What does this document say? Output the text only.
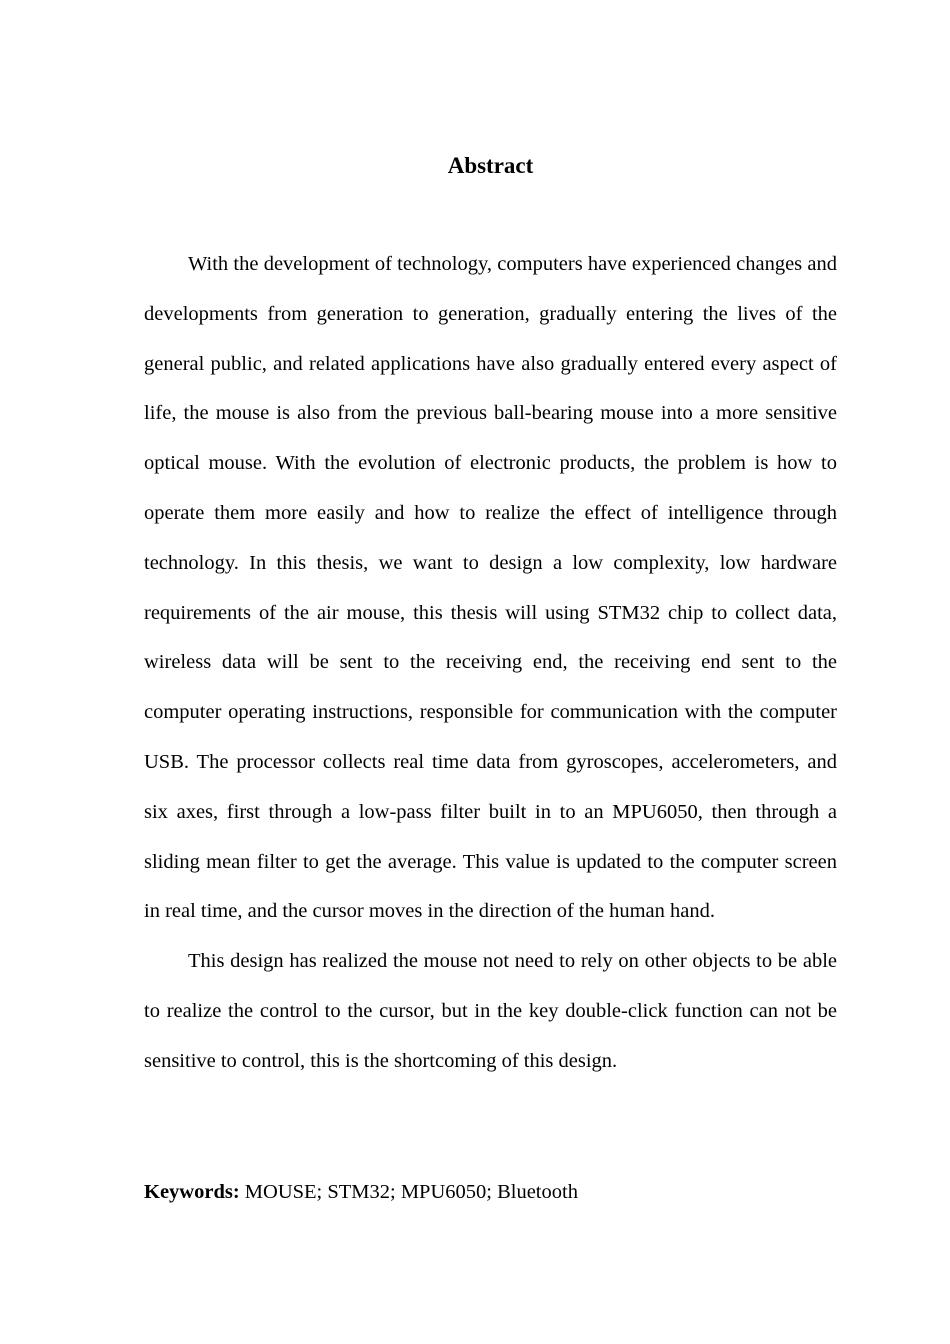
Abstract

With the development of technology, computers have experienced changes and developments from generation to generation, gradually entering the lives of the general public, and related applications have also gradually entered every aspect of life, the mouse is also from the previous ball-bearing mouse into a more sensitive optical mouse. With the evolution of electronic products, the problem is how to operate them more easily and how to realize the effect of intelligence through technology. In this thesis, we want to design a low complexity, low hardware requirements of the air mouse, this thesis will using STM32 chip to collect data, wireless data will be sent to the receiving end, the receiving end sent to the computer operating instructions, responsible for communication with the computer USB. The processor collects real time data from gyroscopes, accelerometers, and six axes, first through a low-pass filter built in to an MPU6050, then through a sliding mean filter to get the average. This value is updated to the computer screen in real time, and the cursor moves in the direction of the human hand.

This design has realized the mouse not need to rely on other objects to be able to realize the control to the cursor, but in the key double-click function can not be sensitive to control, this is the shortcoming of this design.

Keywords: MOUSE; STM32; MPU6050; Bluetooth
